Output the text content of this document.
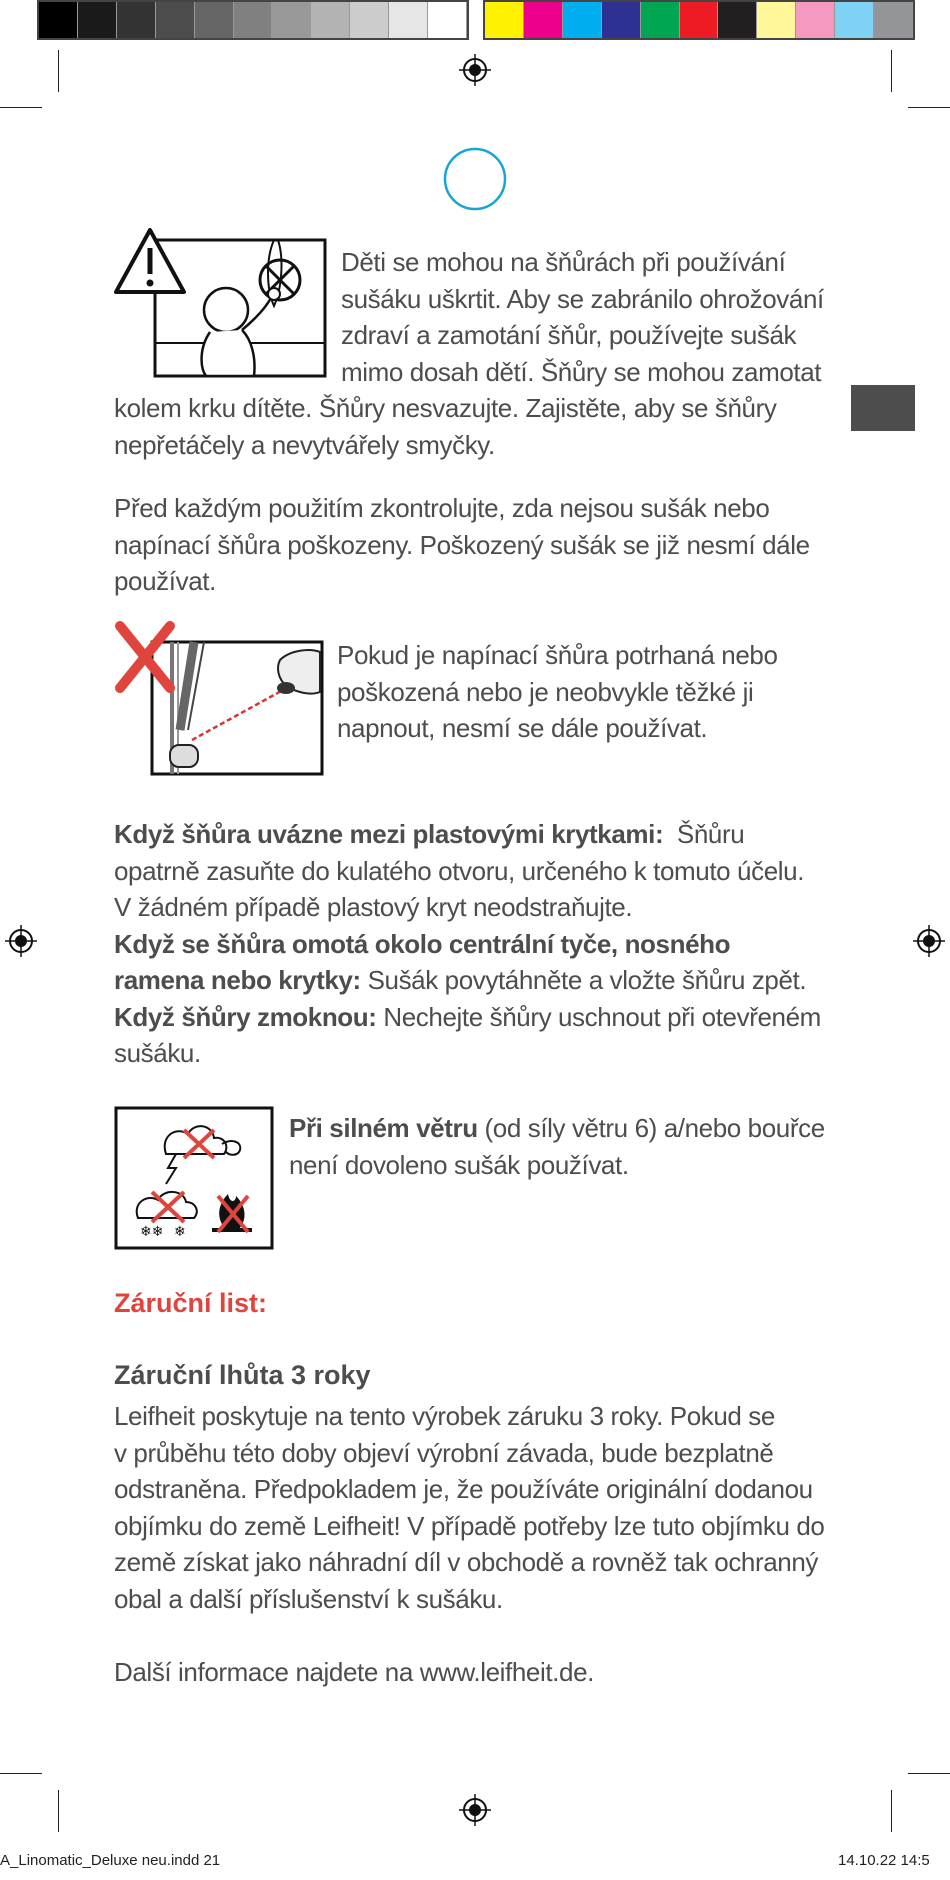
Děti se mohou na šňůrách při používání
sušáku uškrtit. Aby se zabránilo ohrožování
zdraví a zamotání šňůr, používejte sušák
mimo dosah dětí. Šňůry se mohou zamotat
kolem krku dítěte. Šňůry nesvazujte. Zajistěte, aby se šňůry
nepřetáčely a nevytvářely smyčky.
Před každým použitím zkontrolujte, zda nejsou sušák nebo
napínací šňůra poškozeny. Poškozený sušák se již nesmí dále
používat.
Pokud je napínací šňůra potrhaná nebo
poškozená nebo je neobvykle těžké ji
napnout, nesmí se dále používat.
Když šňůra uvázne mezi plastovými krytkami: Šňůru
opatrně zasuňte do kulatého otvoru, určeného k tomuto účelu.
V žádném případě plastový kryt neodstraňujte.
Když se šňůra omotá okolo centrální tyče, nosného
ramena nebo krytky: Sušák povytáhněte a vložte šňůru zpět.
Když šňůry zmoknou: Nechejte šňůry uschnout při otevřeném
sušáku.
❄❄ ❄
Při silném větru (od síly větru 6) a/nebo bouřce
není dovoleno sušák používat.
Záruční list:
Záruční lhůta 3 roky
Leifheit poskytuje na tento výrobek záruku 3 roky. Pokud se
v průběhu této doby objeví výrobní závada, bude bezplatně
odstraněna. Předpokladem je, že používáte originální dodanou
objímku do země Leifheit! V případě potřeby lze tuto objímku do
země získat jako náhradní díl v obchodě a rovněž tak ochranný
obal a další příslušenství k sušáku.
Další informace najdete na www.leifheit.de.
A_Linomatic_Deluxe neu.indd 21	14.10.22 14:5
